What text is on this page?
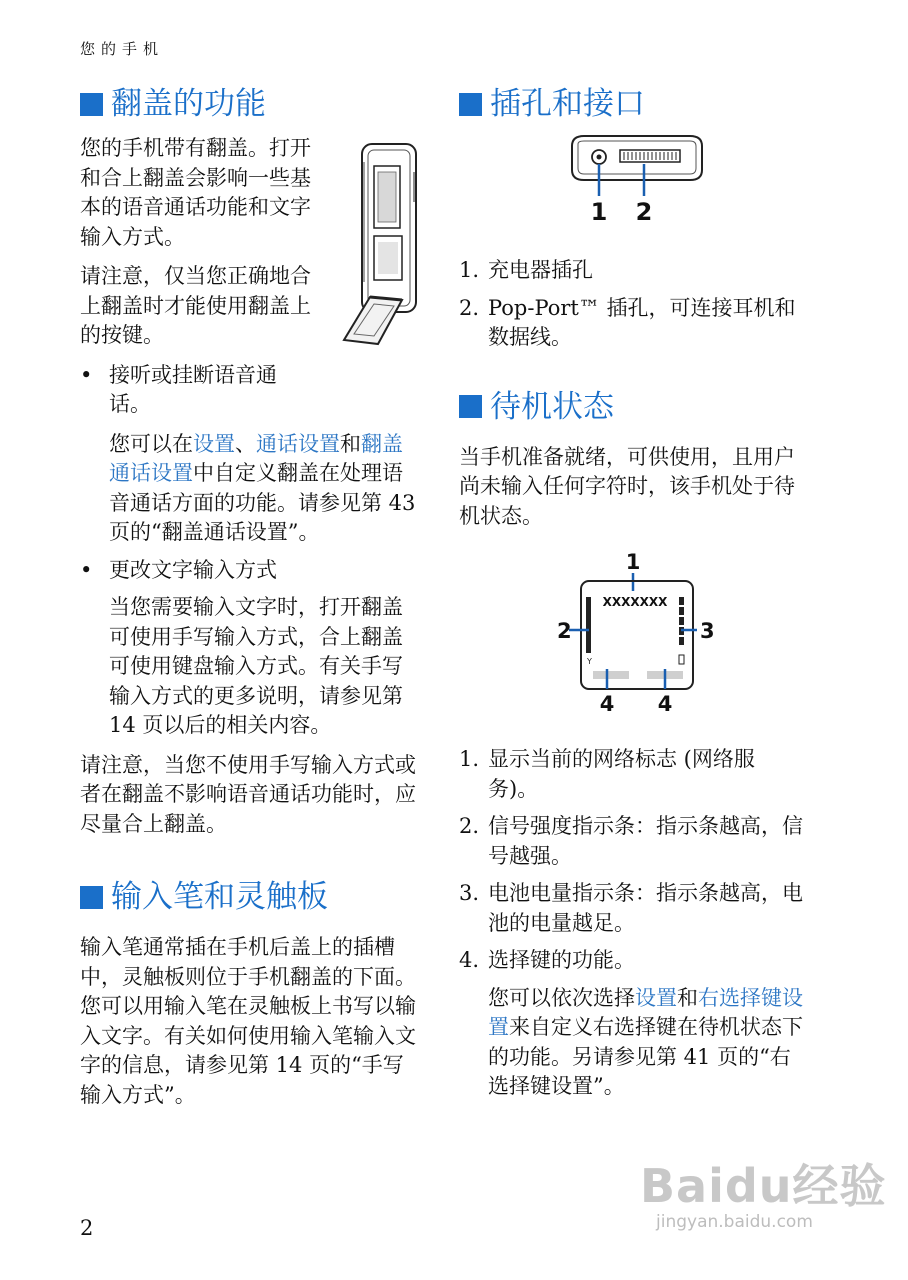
您的手机
翻盖的功能

您的手机带有翻盖。打开和合上翻盖会影响一些基本的语音通话功能和文字输入方式。

请注意，仅当您正确地合上翻盖时才能使用翻盖上的按键。

• 接听或挂断语音通话。

您可以在设置、通话设置和翻盖通话设置中自定义翻盖在处理语音通话方面的功能。请参见第 43 页的“翻盖通话设置”。

• 更改文字输入方式

当您需要输入文字时，打开翻盖可使用手写输入方式，合上翻盖可使用键盘输入方式。有关手写输入方式的更多说明，请参见第 14 页以后的相关内容。

请注意，当您不使用手写输入方式或者在翻盖不影响语音通话功能时，应尽量合上翻盖。

输入笔和灵触板

输入笔通常插在手机后盖上的插槽中，灵触板则位于手机翻盖的下面。您可以用输入笔在灵触板上书写以输入文字。有关如何使用输入笔输入文字的信息，请参见第 14 页的“手写输入方式”。

插孔和接口
1 2
1. 充电器插孔
2. Pop-Port™ 插孔，可连接耳机和数据线。
待机状态

当手机准备就绪，可供使用，且用户尚未输入任何字符时，该手机处于待机状态。

1
XXXXXXX
Y
2	3
4 4
1. 显示当前的网络标志 (网络服务)。
2. 信号强度指示条：指示条越高，信号越强。
3. 电池电量指示条：指示条越高，电池的电量越足。
4. 选择键的功能。

您可以依次选择设置和右选择键设置来自定义右选择键在待机状态下的功能。另请参见第 41 页的“右选择键设置”。

2
Baidu经验
jingyan.baidu.com
